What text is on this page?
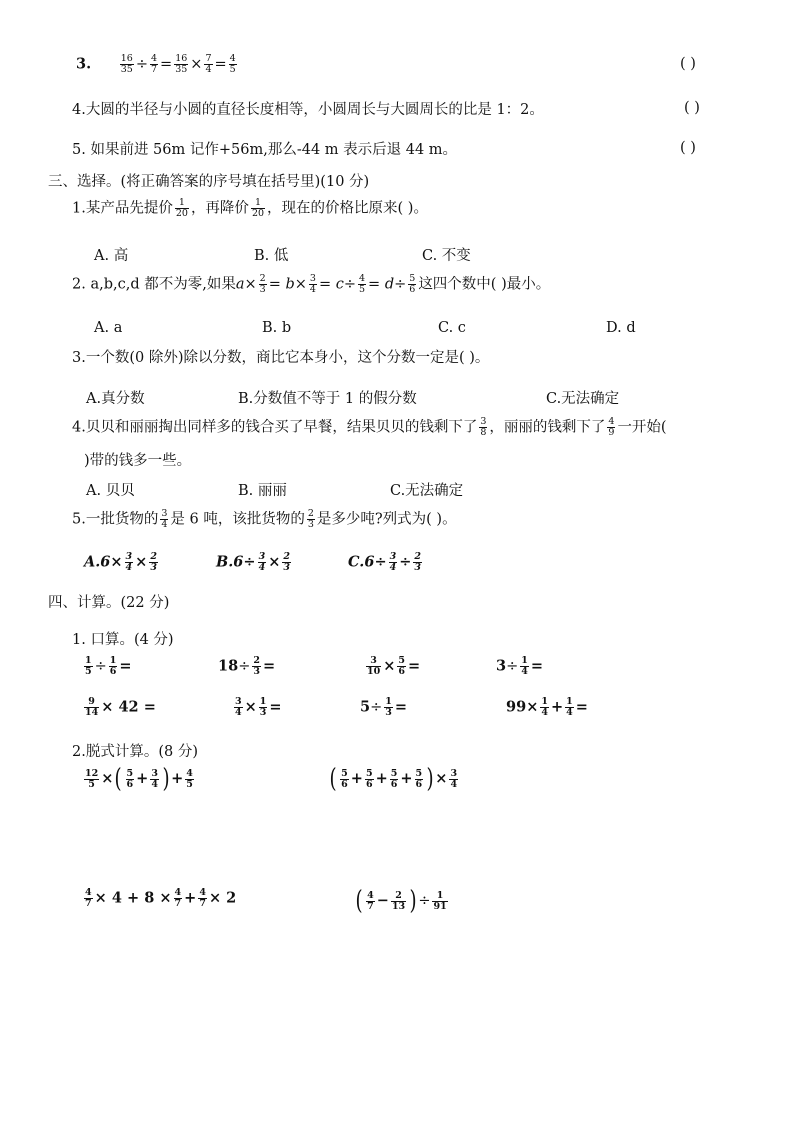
3.	$\frac{16}{35} \div \frac{4}{7} = \frac{16}{35} \times \frac{7}{4} = \frac{4}{5}$	( )
4.大圆的半径与小圆的直径长度相等，小圆周长与大圆周长的比是 1：2。	( )
5. 如果前进 56m 记作+56m,那么-44 m 表示后退 44 m。	( )
三、选择。(将正确答案的序号填在括号里)(10 分)
1.某产品先提价 $\frac{1}{20}$ ，再降价 $\frac{1}{20}$ ，现在的价格比原来( )。
A. 高	B. 低	C. 不变
2. a,b,c,d 都不为零,如果$a\times \frac{2}{3} = b\times \frac{3}{4} = c\div \frac{4}{5} = d\div \frac{5}{6}$ 这四个数中( )最小。
A. a	B. b	C. c	D. d
3.一个数(0 除外)除以分数，商比它本身小，这个分数一定是( )。
A.真分数	B.分数值不等于 1 的假分数	C.无法确定
4.贝贝和丽丽掏出同样多的钱合买了早餐，结果贝贝的钱剩下了 $\frac{3}{8}$ ，丽丽的钱剩下了 $\frac{4}{9}$ 一开始(
)带的钱多一些。
A. 贝贝	B. 丽丽	C.无法确定
5.一批货物的 $\frac{3}{4}$ 是 6 吨，该批货物的 $\frac{2}{3}$ 是多少吨?列式为( )。
$A.6\times \frac{3}{4} \times \frac{2}{3}$	$B.6\div \frac{3}{4} \times \frac{2}{3}$	$C.6\div \frac{3}{4} \div \frac{2}{3}$
四、计算。(22 分)
1. 口算。(4 分)
$\frac{1}{5} \div \frac{1}{6}$ =	$18\div \frac{2}{3}$ =	$\frac{3}{10} \times \frac{5}{6}$ =	$3\div \frac{1}{4}$ =
$\frac{9}{14} \times 42$ =	$\frac{3}{4} \times \frac{1}{3}$ =	$5\div \frac{1}{3}$ =	$99\times \frac{1}{4} + \frac{1}{4}$ =
2.脱式计算。(8 分)
$\frac{12}{5}$ ×( $\frac{5}{6} + \frac{3}{4}$ ) + $\frac{4}{5}$	( $\frac{5}{6} + \frac{5}{6} + \frac{5}{6} + \frac{5}{6}$ ) × $\frac{3}{4}$
$\frac{4}{7} \times 4 + 8 \times \frac{4}{7} + \frac{4}{7} \times 2$	( $\frac{4}{7} - \frac{2}{13}$ ) ÷ $\frac{1}{91}$
